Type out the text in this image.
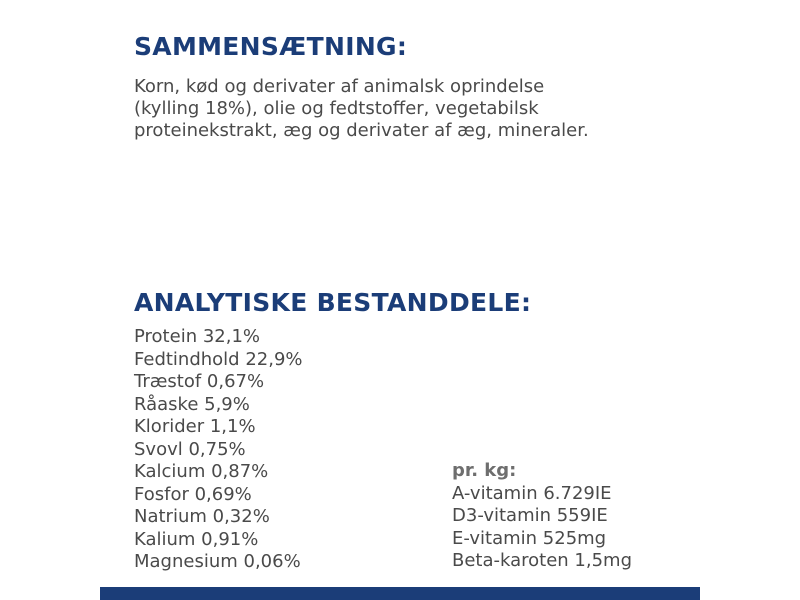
SAMMENSÆTNING:

Korn, kød og derivater af animalsk oprindelse
(kylling 18%), olie og fedtstoffer, vegetabilsk
proteinekstrakt, æg og derivater af æg, mineraler.

ANALYTISKE BESTANDDELE:
Protein 32,1%
Fedtindhold 22,9%
Træstof 0,67%
Råaske 5,9%
Klorider 1,1%
Svovl 0,75%
Kalcium 0,87%
Fosfor 0,69%
Natrium 0,32%
Kalium 0,91%
Magnesium 0,06%
pr. kg:
A-vitamin 6.729IE
D3-vitamin 559IE
E-vitamin 525mg
Beta-karoten 1,5mg
